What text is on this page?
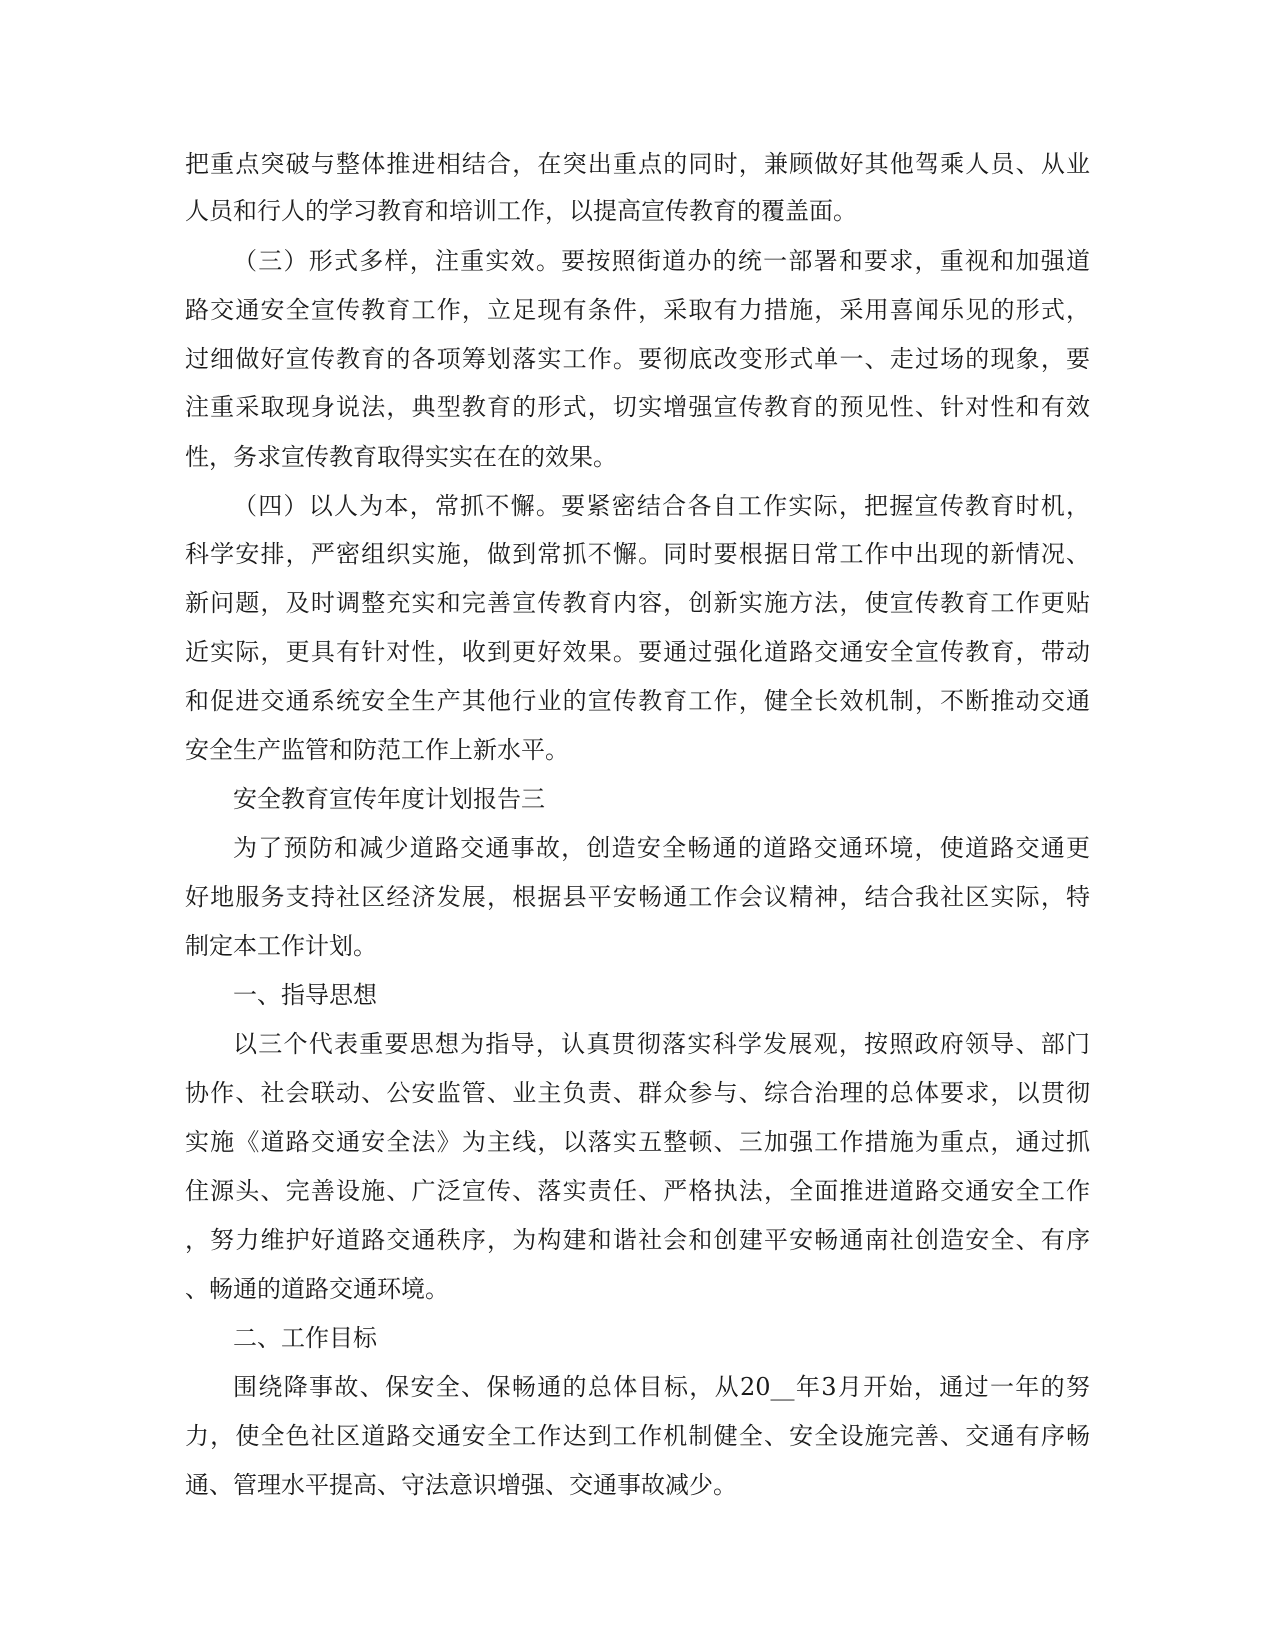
把重点突破与整体推进相结合，在突出重点的同时，兼顾做好其他驾乘人员、从业

人员和行人的学习教育和培训工作，以提高宣传教育的覆盖面。

（三）形式多样，注重实效。要按照街道办的统一部署和要求，重视和加强道

路交通安全宣传教育工作，立足现有条件，采取有力措施，采用喜闻乐见的形式，

过细做好宣传教育的各项筹划落实工作。要彻底改变形式单一、走过场的现象，要

注重采取现身说法，典型教育的形式，切实增强宣传教育的预见性、针对性和有效

性，务求宣传教育取得实实在在的效果。

（四）以人为本，常抓不懈。要紧密结合各自工作实际，把握宣传教育时机，

科学安排，严密组织实施，做到常抓不懈。同时要根据日常工作中出现的新情况、

新问题，及时调整充实和完善宣传教育内容，创新实施方法，使宣传教育工作更贴

近实际，更具有针对性，收到更好效果。要通过强化道路交通安全宣传教育，带动

和促进交通系统安全生产其他行业的宣传教育工作，健全长效机制，不断推动交通

安全生产监管和防范工作上新水平。

安全教育宣传年度计划报告三

为了预防和减少道路交通事故，创造安全畅通的道路交通环境，使道路交通更

好地服务支持社区经济发展，根据县平安畅通工作会议精神，结合我社区实际，特

制定本工作计划。

一、指导思想

以三个代表重要思想为指导，认真贯彻落实科学发展观，按照政府领导、部门

协作、社会联动、公安监管、业主负责、群众参与、综合治理的总体要求，以贯彻

实施《道路交通安全法》为主线，以落实五整顿、三加强工作措施为重点，通过抓

住源头、完善设施、广泛宣传、落实责任、严格执法，全面推进道路交通安全工作

，努力维护好道路交通秩序，为构建和谐社会和创建平安畅通南社创造安全、有序

、畅通的道路交通环境。

二、工作目标

围绕降事故、保安全、保畅通的总体目标，从20__年3月开始，通过一年的努

力，使全色社区道路交通安全工作达到工作机制健全、安全设施完善、交通有序畅

通、管理水平提高、守法意识增强、交通事故减少。
